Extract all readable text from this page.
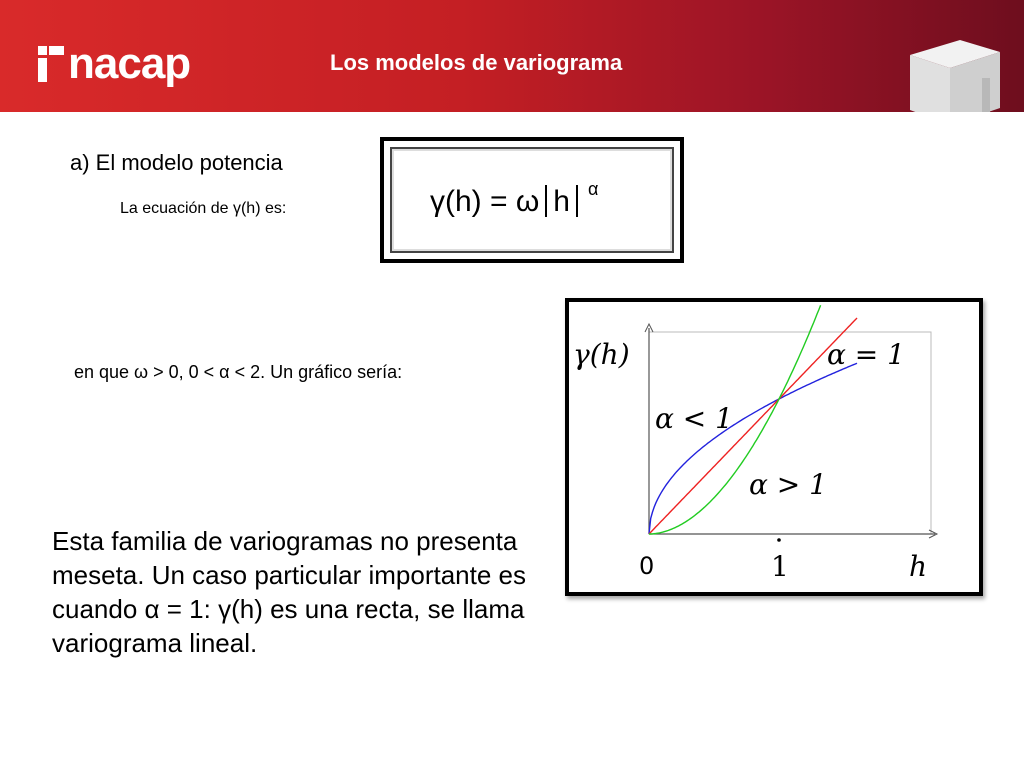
nacap	Los modelos de variograma
a) El modelo potencia
La ecuación de γ(h) es:	γ(h) = ω h $^\alpha$
en que ω > 0, 0 < α < 2. Un gráfico sería:
Esta familia de variogramas no presenta meseta. Un caso particular importante es cuando α = 1: γ(h) es una recta, se llama variograma lineal.
α < 1
α = 1
α > 1
γ(h)
h
0	1
